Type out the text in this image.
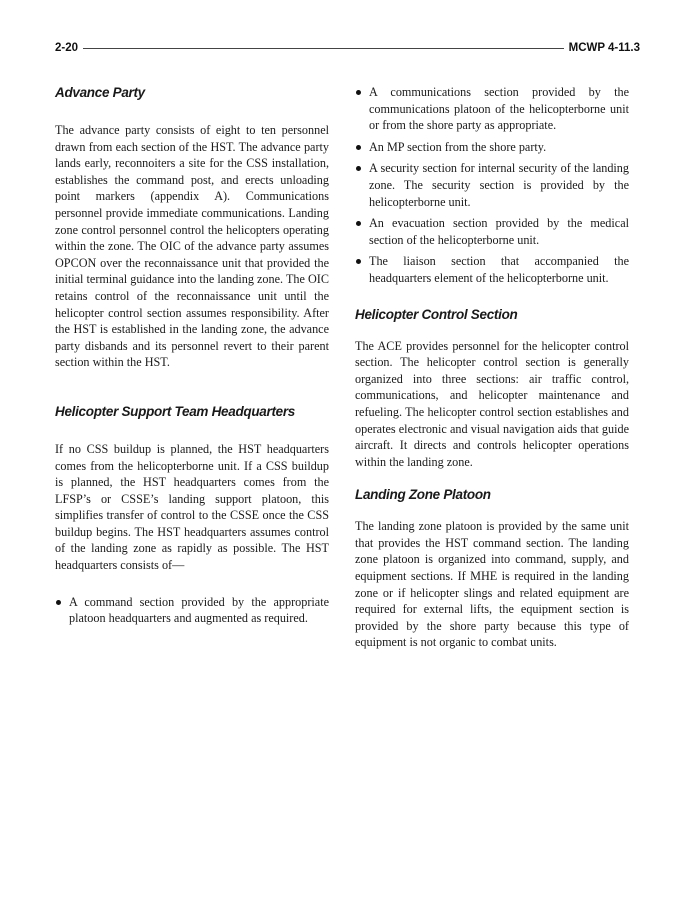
2-20	MCWP 4-11.3
Advance Party

The advance party consists of eight to ten personnel drawn from each section of the HST. The advance party lands early, reconnoiters a site for the CSS installation, establishes the command post, and erects unloading point markers (appendix A). Communications personnel provide immediate communications. Landing zone control personnel control the helicopters operating within the zone. The OIC of the advance party assumes OPCON over the reconnaissance unit that provided the initial terminal guidance into the landing zone. The OIC retains control of the reconnaissance unit until the helicopter control section assumes responsibility. After the HST is established in the landing zone, the advance party disbands and its personnel revert to their parent section within the HST.

Helicopter Support Team Headquarters

If no CSS buildup is planned, the HST headquarters comes from the helicopterborne unit. If a CSS buildup is planned, the HST headquarters comes from the LFSP’s or CSSE’s landing support platoon, this simplifies transfer of control to the CSSE once the CSS buildup begins. The HST headquarters assumes control of the landing zone as rapidly as possible. The HST headquarters consists of—

A command section provided by the appropriate platoon headquarters and augmented as required.
A communications section provided by the communications platoon of the helicopterborne unit or from the shore party as appropriate.
An MP section from the shore party.
A security section for internal security of the landing zone. The security section is provided by the helicopterborne unit.
An evacuation section provided by the medical section of the helicopterborne unit.
The liaison section that accompanied the headquarters element of the helicopterborne unit.
Helicopter Control Section

The ACE provides personnel for the helicopter control section. The helicopter control section is generally organized into three sections: air traffic control, communications, and helicopter maintenance and refueling. The helicopter control section establishes and operates electronic and visual navigation aids that guide aircraft. It directs and controls helicopter operations within the landing zone.

Landing Zone Platoon

The landing zone platoon is provided by the same unit that provides the HST command section. The landing zone platoon is organized into command, supply, and equipment sections. If MHE is required in the landing zone or if helicopter slings and related equipment are required for external lifts, the equipment section is provided by the shore party because this type of equipment is not organic to combat units.
